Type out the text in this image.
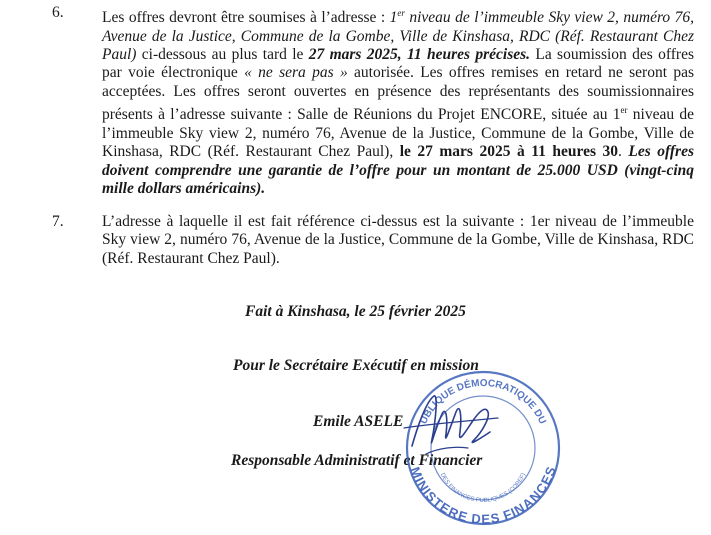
6. Les offres devront être soumises à l’adresse : 1er niveau de l’immeuble Sky view 2, numéro 76, Avenue de la Justice, Commune de la Gombe, Ville de Kinshasa, RDC (Réf. Restaurant Chez Paul) ci-dessous au plus tard le 27 mars 2025, 11 heures précises. La soumission des offres par voie électronique « ne sera pas » autorisée. Les offres remises en retard ne seront pas acceptées. Les offres seront ouvertes en présence des représentants des soumissionnaires présents à l’adresse suivante : Salle de Réunions du Projet ENCORE, située au 1er niveau de l’immeuble Sky view 2, numéro 76, Avenue de la Justice, Commune de la Gombe, Ville de Kinshasa, RDC (Réf. Restaurant Chez Paul), le 27 mars 2025 à 11 heures 30. Les offres doivent comprendre une garantie de l’offre pour un montant de 25.000 USD (vingt-cinq mille dollars américains).
7. L’adresse à laquelle il est fait référence ci-dessus est la suivante : 1er niveau de l’immeuble Sky view 2, numéro 76, Avenue de la Justice, Commune de la Gombe, Ville de Kinshasa, RDC (Réf. Restaurant Chez Paul).
Fait à Kinshasa, le 25 février 2025
Pour le Secrétaire Exécutif en mission
Emile ASELE
Responsable Administratif et Financier
UBLIQUE DÉMOCRATIQUE DU
MINISTERE DES FINANCES
DES FINANCES PUBLIQUES (COREF)
